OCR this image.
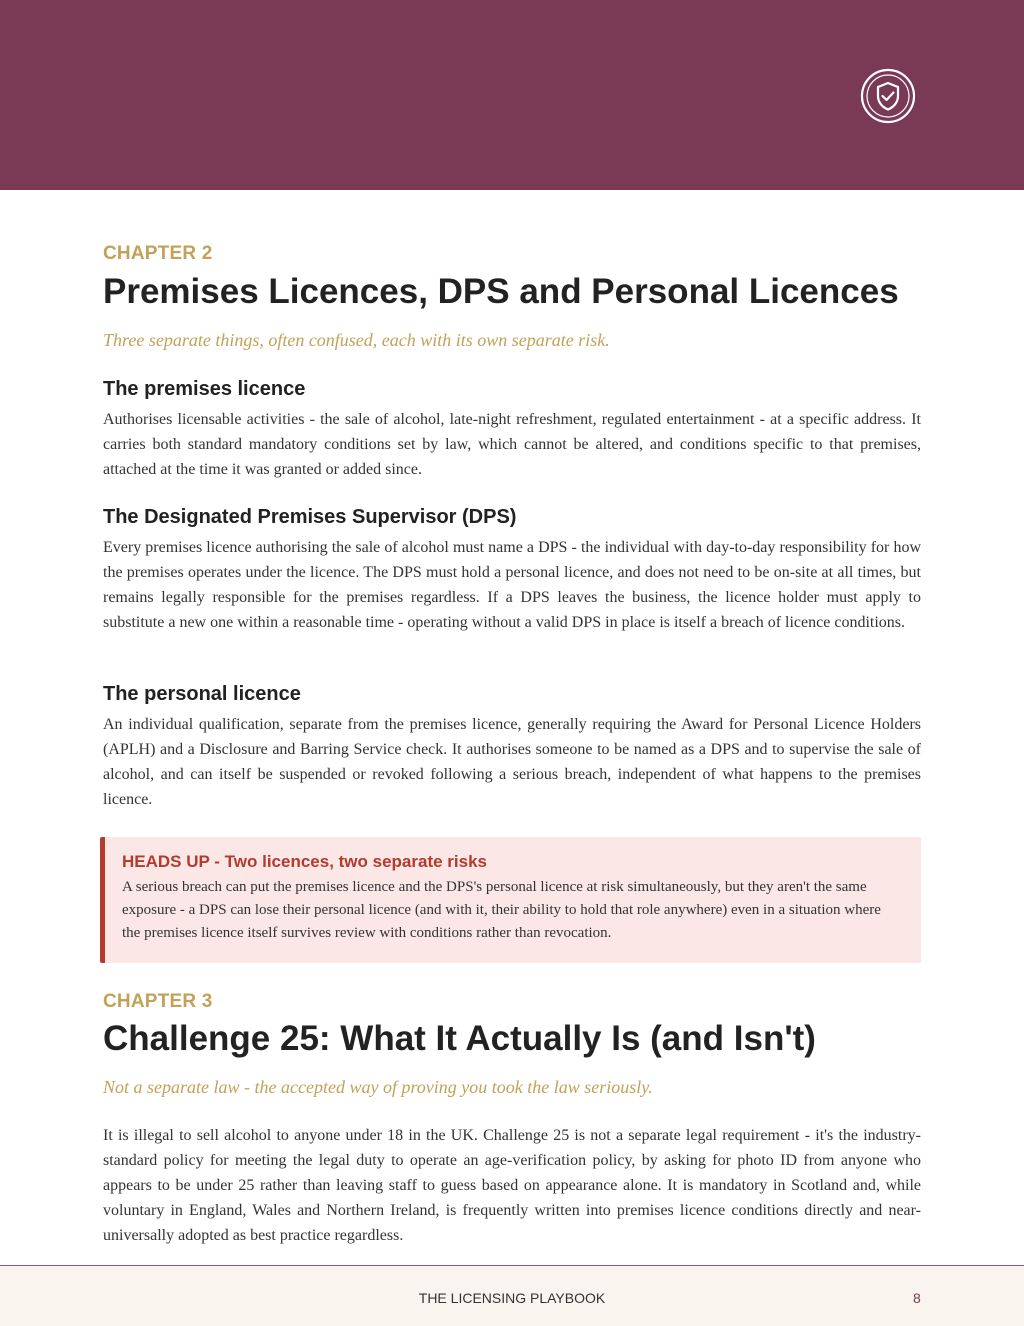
CHAPTER 2
Premises Licences, DPS and Personal Licences
Three separate things, often confused, each with its own separate risk.
The premises licence

Authorises licensable activities - the sale of alcohol, late-night refreshment, regulated entertainment - at a specific address. It carries both standard mandatory conditions set by law, which cannot be altered, and conditions specific to that premises, attached at the time it was granted or added since.

The Designated Premises Supervisor (DPS)

Every premises licence authorising the sale of alcohol must name a DPS - the individual with day-to-day responsibility for how the premises operates under the licence. The DPS must hold a personal licence, and does not need to be on-site at all times, but remains legally responsible for the premises regardless. If a DPS leaves the business, the licence holder must apply to substitute a new one within a reasonable time - operating without a valid DPS in place is itself a breach of licence conditions.

The personal licence

An individual qualification, separate from the premises licence, generally requiring the Award for Personal Licence Holders (APLH) and a Disclosure and Barring Service check. It authorises someone to be named as a DPS and to supervise the sale of alcohol, and can itself be suspended or revoked following a serious breach, independent of what happens to the premises licence.

CHAPTER 3
Challenge 25: What It Actually Is (and Isn't)
Not a separate law - the accepted way of proving you took the law seriously.

It is illegal to sell alcohol to anyone under 18 in the UK. Challenge 25 is not a separate legal requirement - it's the industry-standard policy for meeting the legal duty to operate an age-verification policy, by asking for photo ID from anyone who appears to be under 25 rather than leaving staff to guess based on appearance alone. It is mandatory in Scotland and, while voluntary in England, Wales and Northern Ireland, is frequently written into premises licence conditions directly and near-universally adopted as best practice regardless.

HEADS UP - Two licences, two separate risks

A serious breach can put the premises licence and the DPS's personal licence at risk simultaneously, but they aren't the same exposure - a DPS can lose their personal licence (and with it, their ability to hold that role anywhere) even in a situation where the premises licence itself survives review with conditions rather than revocation.

THE LICENSING PLAYBOOK	8
